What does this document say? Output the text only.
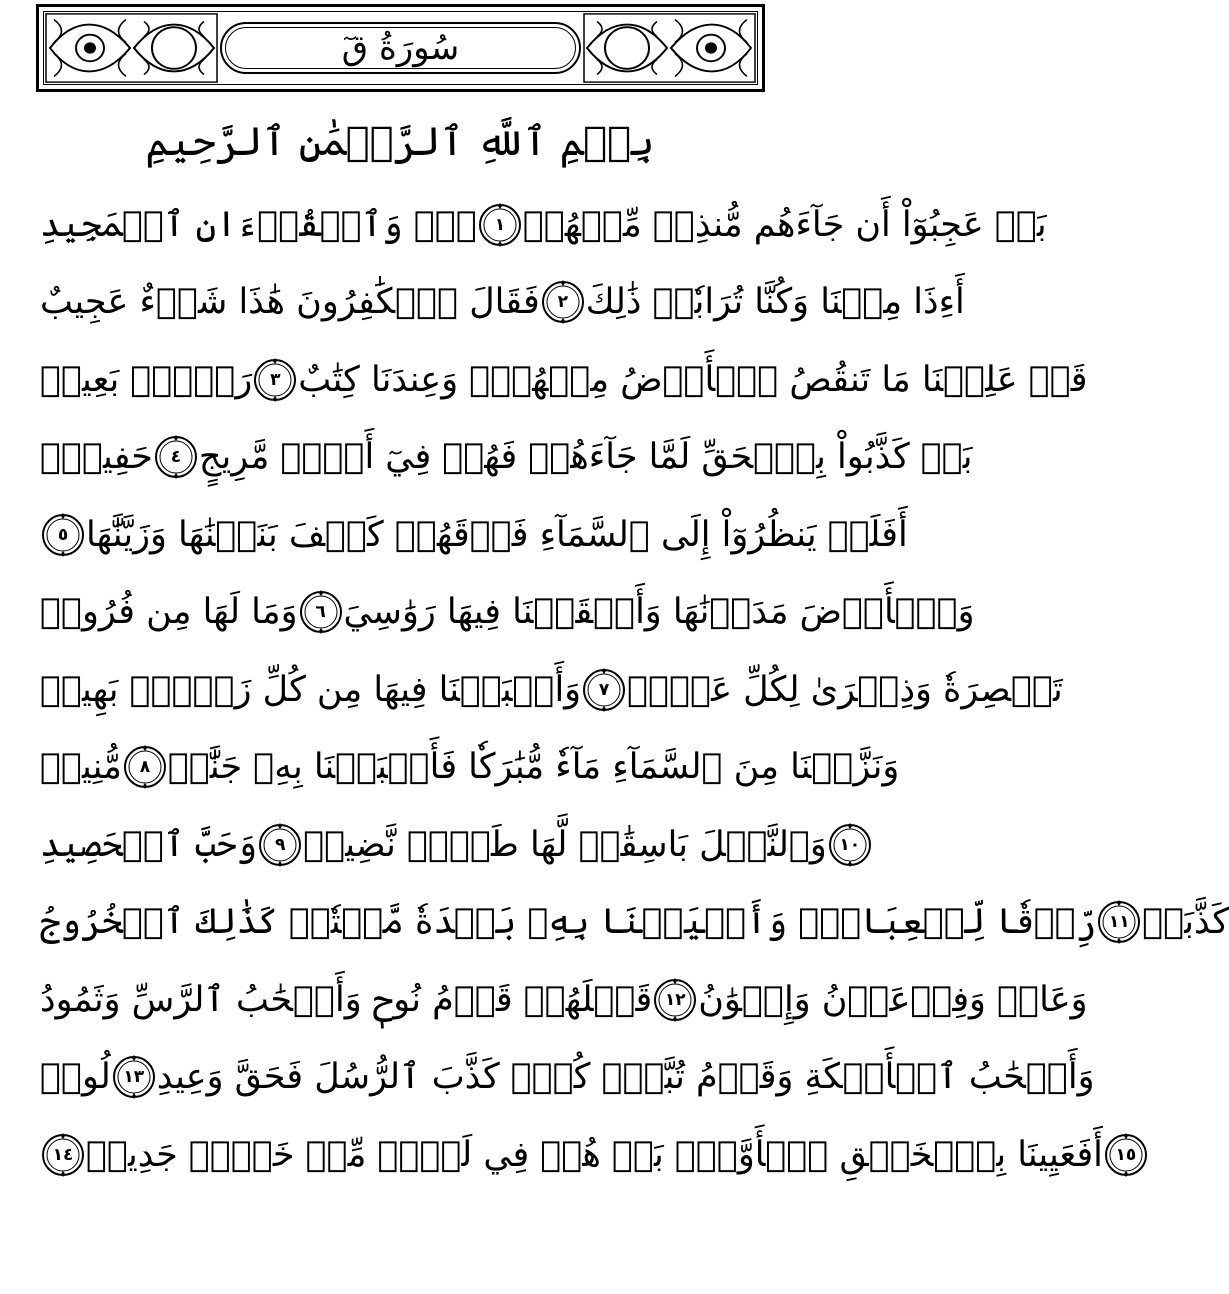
سُورَةُ قٓ
بِسۡمِ ٱللَّهِ ٱلرَّحۡمَٰنِ ٱلرَّحِيمِ
قٓۚ وَٱلۡقُرۡءَانِ ٱلۡمَجِيدِ ١ بَلۡ عَجِبُوٓاْ أَن جَآءَهُم مُّنذِرٞ مِّنۡهُمۡ
فَقَالَ ٱلۡكَٰفِرُونَ هَٰذَا شَيۡءٌ عَجِيبٌ ٢ أَءِذَا مِتۡنَا وَكُنَّا تُرَابٗاۖ ذَٰلِكَ
رَجۡعُۢ بَعِيدٞ ٣ قَدۡ عَلِمۡنَا مَا تَنقُصُ ٱلۡأَرۡضُ مِنۡهُمۡۖ وَعِندَنَا كِتَٰبٌ
حَفِيظُۢ ٤ بَلۡ كَذَّبُواْ بِٱلۡحَقِّ لَمَّا جَآءَهُمۡ فَهُمۡ فِيٓ أَمۡرٖ مَّرِيجٍ
٥ أَفَلَمۡ يَنظُرُوٓاْ إِلَى ٱلسَّمَآءِ فَوۡقَهُمۡ كَيۡفَ بَنَيۡنَٰهَا وَزَيَّنَّٰهَا
وَمَا لَهَا مِن فُرُوجٖ ٦ وَٱلۡأَرۡضَ مَدَدۡنَٰهَا وَأَلۡقَيۡنَا فِيهَا رَوَٰسِيَ
وَأَنۢبَتۡنَا فِيهَا مِن كُلِّ زَوۡجِۢ بَهِيجٖ ٧ تَبۡصِرَةٗ وَذِكۡرَىٰ لِكُلِّ عَبۡدٖ
مُّنِيبٖ ٨ وَنَزَّلۡنَا مِنَ ٱلسَّمَآءِ مَآءٗ مُّبَٰرَكٗا فَأَنۢبَتۡنَا بِهِۦ جَنَّٰتٖ
وَحَبَّ ٱلۡحَصِيدِ ٩ وَٱلنَّخۡلَ بَاسِقَٰتٖ لَّهَا طَلۡعٞ نَّضِيدٞ ١٠
رِّزۡقٗا لِّلۡعِبَادِۖ وَأَحۡيَيۡنَا بِهِۦ بَلۡدَةٗ مَّيۡتٗاۚ كَذَٰلِكَ ٱلۡخُرُوجُ ١١ كَذَّبَتۡ
قَبۡلَهُمۡ قَوۡمُ نُوحٖ وَأَصۡحَٰبُ ٱلرَّسِّ وَثَمُودُ ١٢ وَعَادٞ وَفِرۡعَوۡنُ وَإِخۡوَٰنُ
لُوطٖ ١٣ وَأَصۡحَٰبُ ٱلۡأَيۡكَةِ وَقَوۡمُ تُبَّعٖۚ كُلّٞ كَذَّبَ ٱلرُّسُلَ فَحَقَّ وَعِيدِ
١٤ أَفَعَيِينَا بِٱلۡخَلۡقِ ٱلۡأَوَّلِۚ بَلۡ هُمۡ فِي لَبۡسٖ مِّنۡ خَلۡقٖ جَدِيدٖ ١٥
